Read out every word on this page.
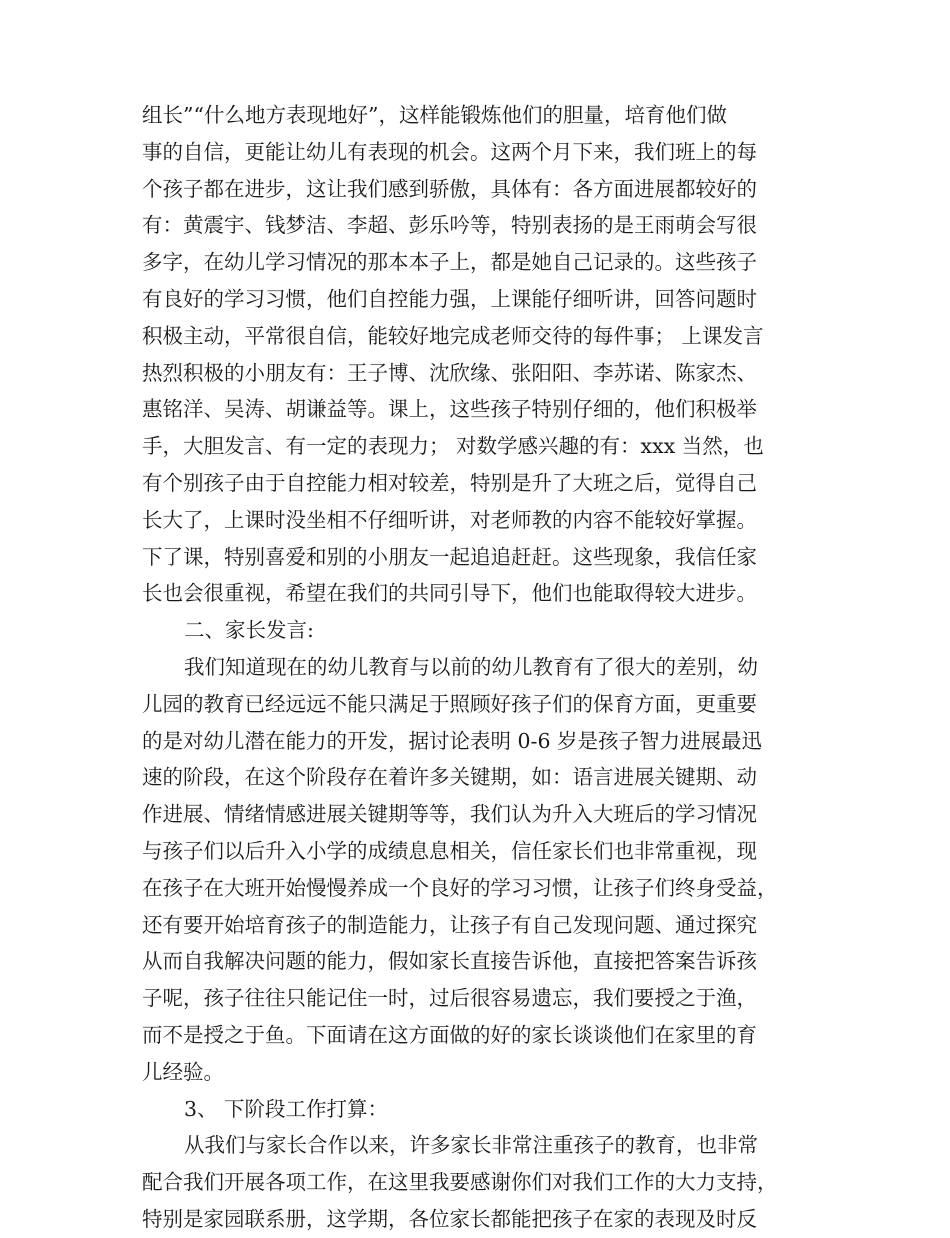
组长”“什么地方表现地好”，这样能锻炼他们的胆量，培育他们做
事的自信，更能让幼儿有表现的机会。这两个月下来，我们班上的每
个孩子都在进步，这让我们感到骄傲，具体有：各方面进展都较好的
有：黄震宇、钱梦洁、李超、彭乐吟等，特别表扬的是王雨萌会写很
多字，在幼儿学习情况的那本本子上，都是她自己记录的。这些孩子
有良好的学习习惯，他们自控能力强，上课能仔细听讲，回答问题时
积极主动，平常很自信，能较好地完成老师交待的每件事； 上课发言
热烈积极的小朋友有：王子博、沈欣缘、张阳阳、李苏诺、陈家杰、
惠铭洋、吴涛、胡谦益等。课上，这些孩子特别仔细的，他们积极举
手，大胆发言、有一定的表现力； 对数学感兴趣的有：xxx 当然，也
有个别孩子由于自控能力相对较差，特别是升了大班之后，觉得自己
长大了，上课时没坐相不仔细听讲，对老师教的内容不能较好掌握。
下了课，特别喜爱和别的小朋友一起追追赶赶。这些现象，我信任家
长也会很重视，希望在我们的共同引导下，他们也能取得较大进步。
二、家长发言:
我们知道现在的幼儿教育与以前的幼儿教育有了很大的差别，幼
儿园的教育已经远远不能只满足于照顾好孩子们的保育方面，更重要
的是对幼儿潜在能力的开发，据讨论表明 0-6 岁是孩子智力进展最迅
速的阶段，在这个阶段存在着许多关键期，如：语言进展关键期、动
作进展、情绪情感进展关键期等等，我们认为升入大班后的学习情况
与孩子们以后升入小学的成绩息息相关，信任家长们也非常重视，现
在孩子在大班开始慢慢养成一个良好的学习习惯，让孩子们终身受益，
还有要开始培育孩子的制造能力，让孩子有自己发现问题、通过探究
从而自我解决问题的能力，假如家长直接告诉他，直接把答案告诉孩
子呢，孩子往往只能记住一时，过后很容易遗忘，我们要授之于渔，
而不是授之于鱼。下面请在这方面做的好的家长谈谈他们在家里的育
儿经验。
3、 下阶段工作打算：
从我们与家长合作以来，许多家长非常注重孩子的教育，也非常
配合我们开展各项工作，在这里我要感谢你们对我们工作的大力支持，
特别是家园联系册，这学期，各位家长都能把孩子在家的表现及时反
